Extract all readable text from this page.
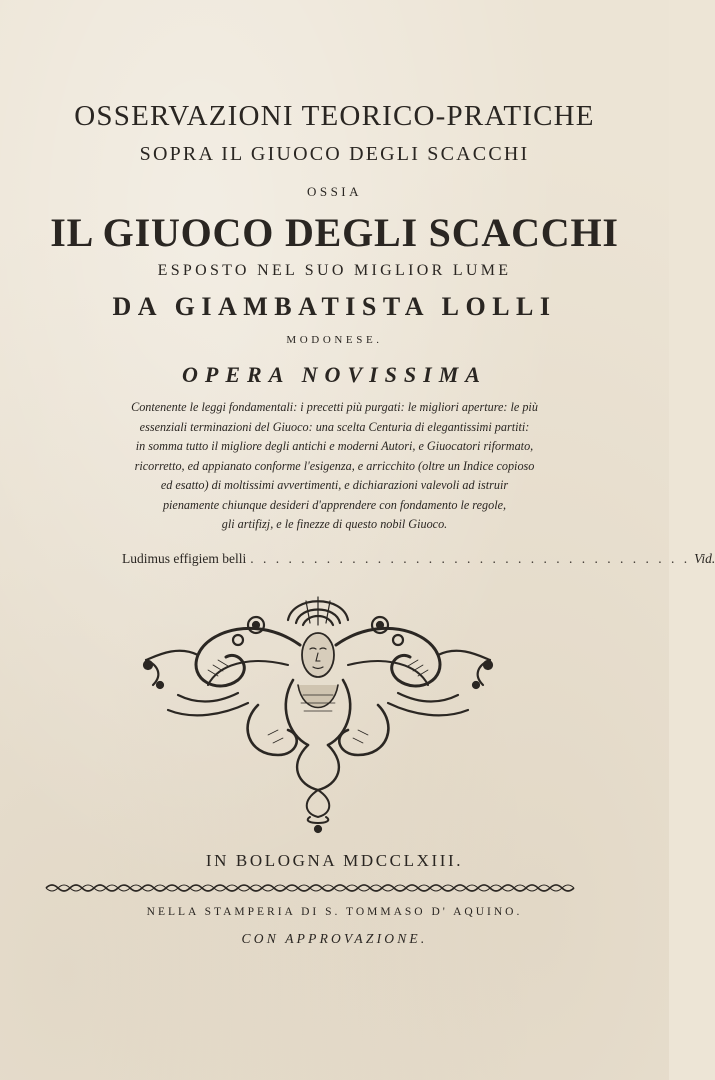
OSSERVAZIONI TEORICO-PRATICHE

SOPRA IL GIUOCO DEGLI SCACCHI

OSSIA

IL GIUOCO DEGLI SCACCHI

ESPOSTO NEL SUO MIGLIOR LUME

DA GIAMBATISTA LOLLI

MODONESE.

OPERA NOVISSIMA

Contenente le leggi fondamentali: i precetti più purgati: le migliori aperture: le più
essenziali terminazioni del Giuoco: una scelta Centuria di elegantissimi partiti:
in somma tutto il migliore degli antichi e moderni Autori, e Giuocatori riformato,
ricorretto, ed appianato conforme l'esigenza, e arricchito (oltre un Indice copioso
ed esatto) di moltissimi avvertimenti, e dichiarazioni valevoli ad istruir
pienamente chiunque desideri d'apprendere con fondamento le regole,
gli artifizj, e le finezze di questo nobil Giuoco.
Ludimus effigiem belli . . . . . . . . . . . . . . . . . . . . . . . . . . . . . . . . . . . Vid.

IN BOLOGNA MDCCLXIII.

NELLA STAMPERIA DI S. TOMMASO D' AQUINO.

CON APPROVAZIONE.
